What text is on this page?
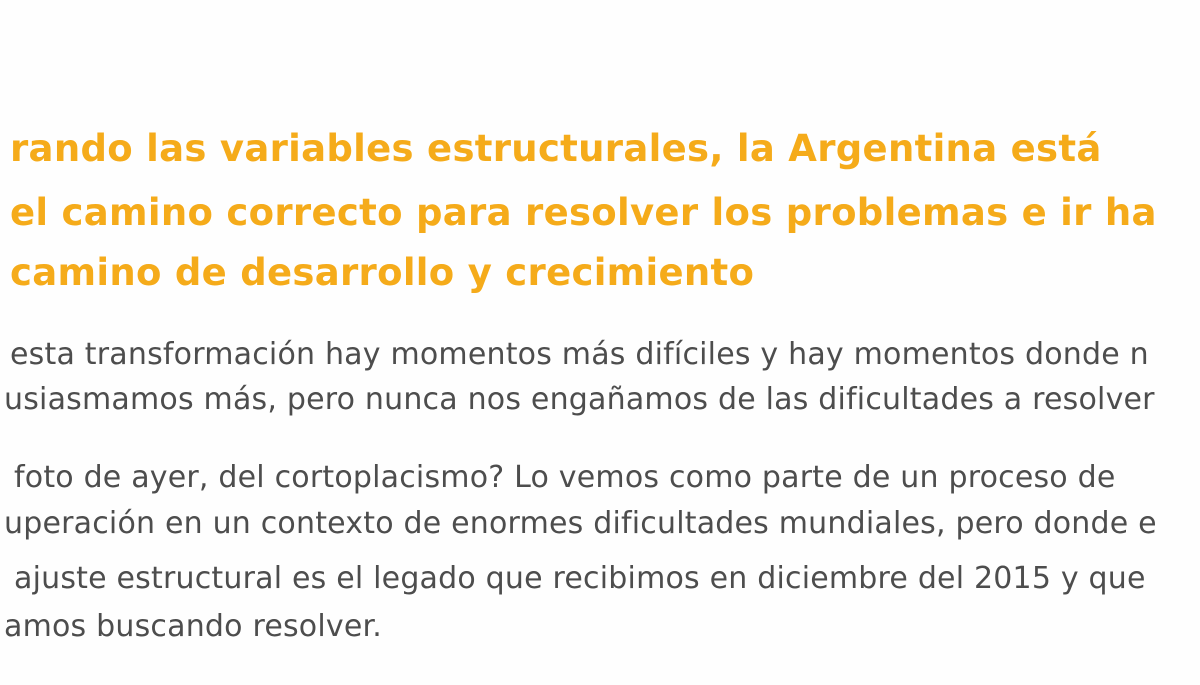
rando las variables estructurales, la Argentina está

el camino correcto para resolver los problemas e ir ha

camino de desarrollo y crecimiento

esta transformación hay momentos más difíciles y hay momentos donde n

usiasmamos más, pero nunca nos engañamos de las dificultades a resolver

foto de ayer, del cortoplacismo? Lo vemos como parte de un proceso de

uperación en un contexto de enormes dificultades mundiales, pero donde e

ajuste estructural es el legado que recibimos en diciembre del 2015 y que

amos buscando resolver.
